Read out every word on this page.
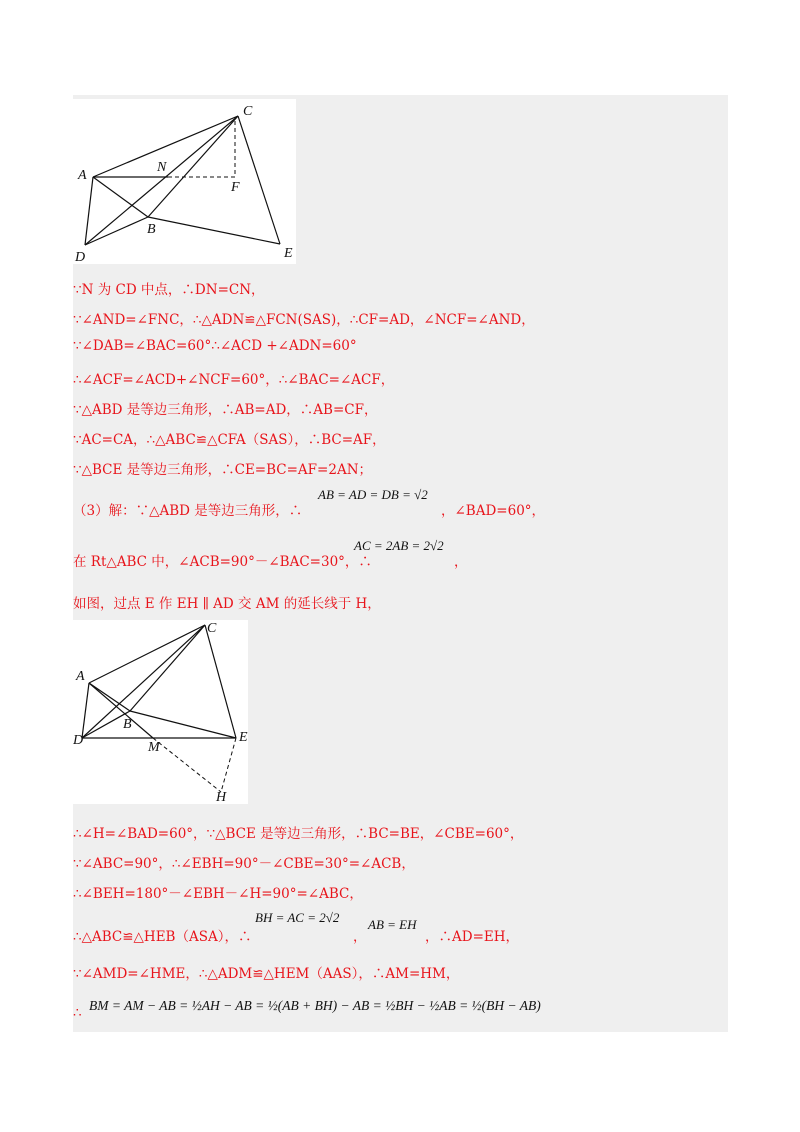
A
N
C
F
B
D	E
∵N 为 CD 中点，∴DN=CN，
∵∠AND=∠FNC，∴△ADN≌△FCN(SAS)，∴CF=AD，∠NCF=∠AND，
∵∠DAB=∠BAC=60°∴∠ACD +∠ADN=60°
∴∠ACF=∠ACD+∠NCF=60°，∴∠BAC=∠ACF，
∵△ABD 是等边三角形，∴AB=AD，∴AB=CF，
∵AC=CA，∴△ABC≌△CFA（SAS），∴BC=AF，
∵△BCE 是等边三角形，∴CE=BC=AF=2AN；
（3）解：∵△ABD 是等边三角形，∴
AB = AD = DB = √2
，∠BAD=60°，
在 Rt△ABC 中，∠ACB=90°－∠BAC=30°，∴
AC = 2AB = 2√2
，
如图，过点 E 作 EH ∥ AD 交 AM 的延长线于 H，
A
C
B
D	M
E
H
∴∠H=∠BAD=60°，∵△BCE 是等边三角形，∴BC=BE，∠CBE=60°，
∵∠ABC=90°，∴∠EBH=90°－∠CBE=30°=∠ACB，
∴∠BEH=180°－∠EBH－∠H=90°=∠ABC，
∴△ABC≌△HEB（ASA），∴
BH = AC = 2√2
，
AB = EH
，∴AD=EH，
∵∠AMD=∠HME，∴△ADM≌△HEM（AAS），∴AM=HM，
∴ BM = AM − AB = ½AH − AB = ½(AB + BH) − AB = ½BH − ½AB = ½(BH − AB)
